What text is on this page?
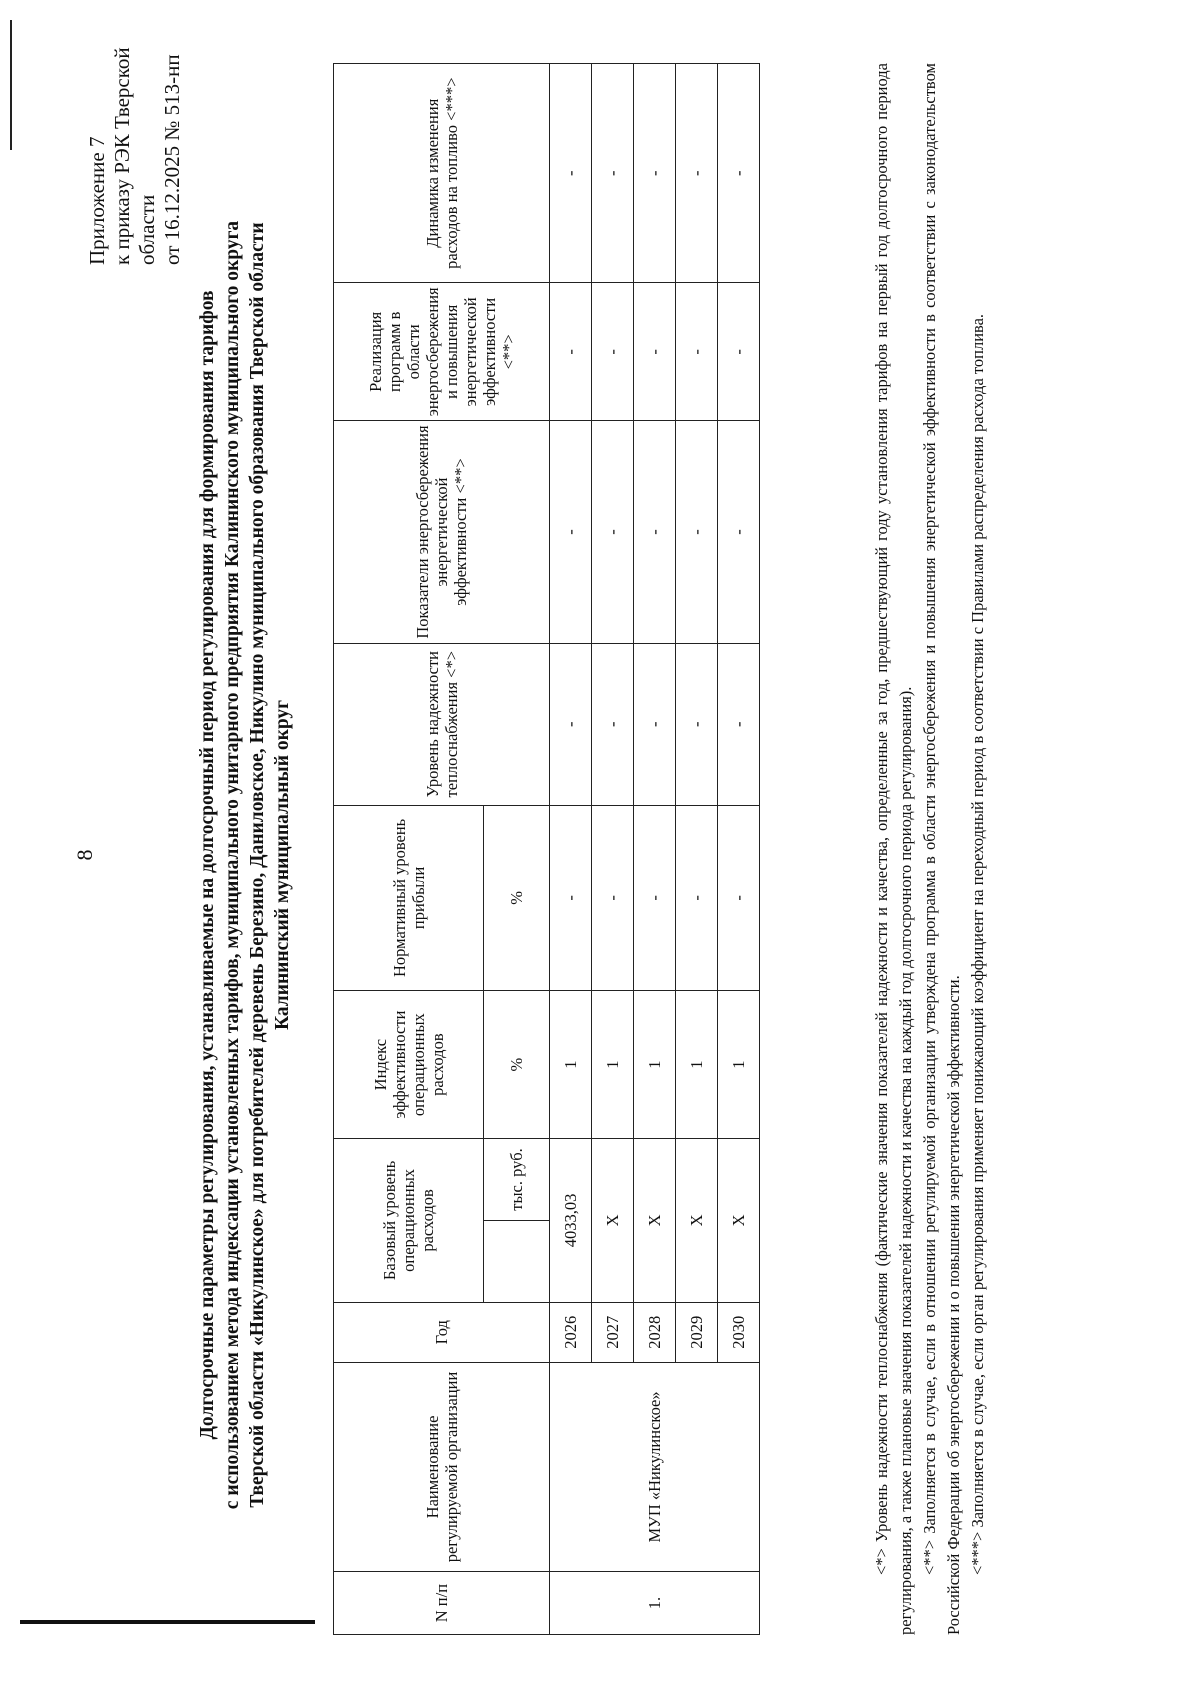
8
Приложение 7 к приказу РЭК Тверской области от 16.12.2025 № 513-нп
Долгосрочные параметры регулирования, устанавливаемые на долгосрочный период регулирования для формирования тарифов с использованием метода индексации установленных тарифов, муниципального унитарного предприятия Калининского муниципального округа Тверской области «Никулинское» для потребителей деревень Березино, Даниловское, Никулино муниципального образования Тверской области Калининский муниципальный округ
N п/п	Наименование регулируемой организации	Год	Базовый уровень операционных расходов		Индекс эффективности операционных расходов	Нормативный уровень прибыли	Уровень надежности теплоснабжения <*>	Показатели энергосбережения энергетической эффективности <**>	Реализация программ в области энергосбережения и повышения энергетической эффективности <**>	Динамика изменения расходов на топливо <***>
				тыс. руб.	%	%				
1.	МУП «Никулинское»	2026	4033,03		1	-	-	-	-	-
		2027	Х		1	-	-	-	-	-
		2028	Х		1	-	-	-	-	-
		2029	Х		1	-	-	-	-	-
		2030	Х		1	-	-	-	-	-	<*> Уровень надежности теплоснабжения (фактические значения показателей надежности и качества, определенные за год, предшествующий году установления тарифов на первый год долгосрочного периода регулирования, а также плановые значения показателей надежности и качества на каждый год долгосрочного периода регулирования). <**> Заполняется в случае, если в отношении регулируемой организации утверждена программа в области энергосбережения и повышения энергетической эффективности в соответствии с законодательством Российской Федерации об энергосбережении и о повышении энергетической эффективности. <***> Заполняется в случае, если орган регулирования применяет понижающий коэффициент на переходный период в соответствии с Правилами распределения расхода топлива.
